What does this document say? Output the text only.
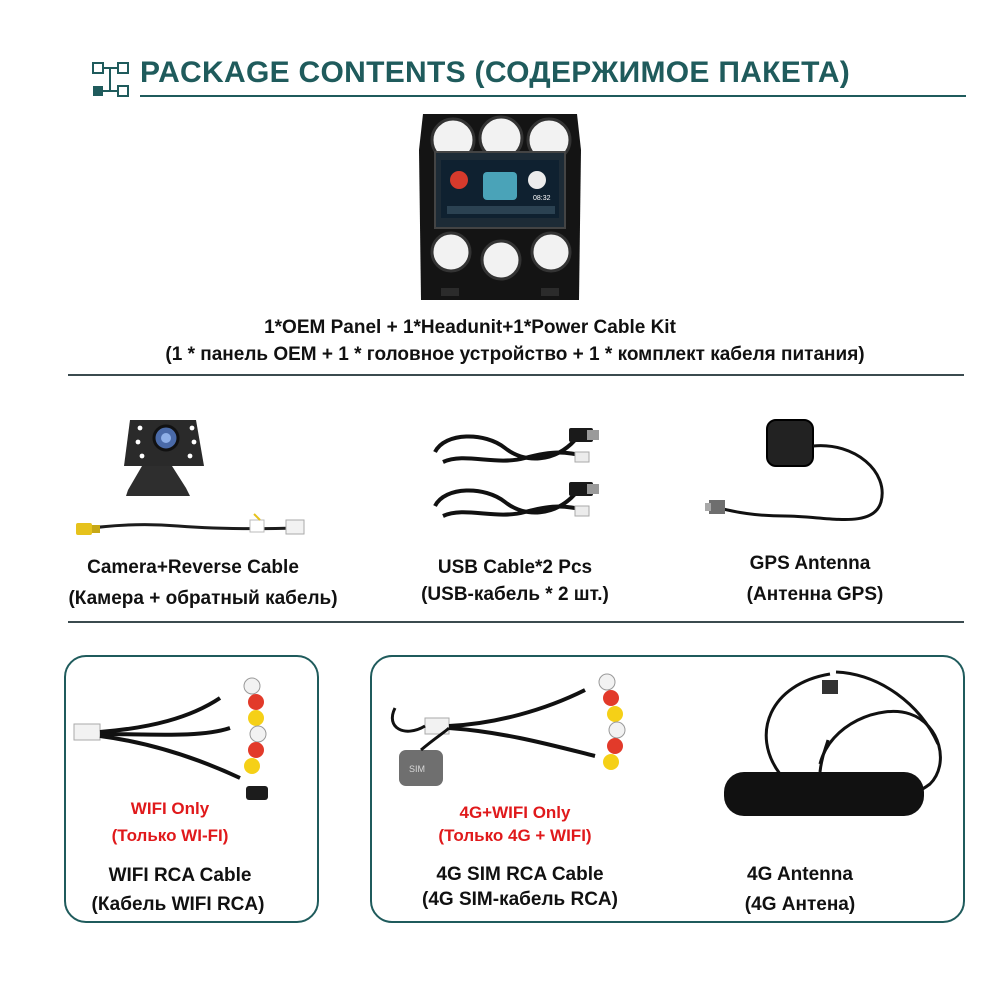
PACKAGE CONTENTS (СОДЕРЖИМОЕ ПАКЕТА)
08:32
1*OEM Panel + 1*Headunit+1*Power Cable Kit
(1 * панель OEM + 1 * головное устройство + 1 * комплект кабеля питания)
Camera+Reverse Cable
(Камера + обратный кабель)
USB Cable*2 Pcs
(USB-кабель * 2 шт.)
GPS Antenna
(Антенна GPS)
WIFI Only
(Только WI-FI)
WIFI RCA Cable
(Кабель WIFI RCA)
SIM
4G+WIFI Only
(Только 4G + WIFI)
4G SIM RCA Cable
(4G SIM-кабель RCA)
4G Antenna
(4G Антена)
